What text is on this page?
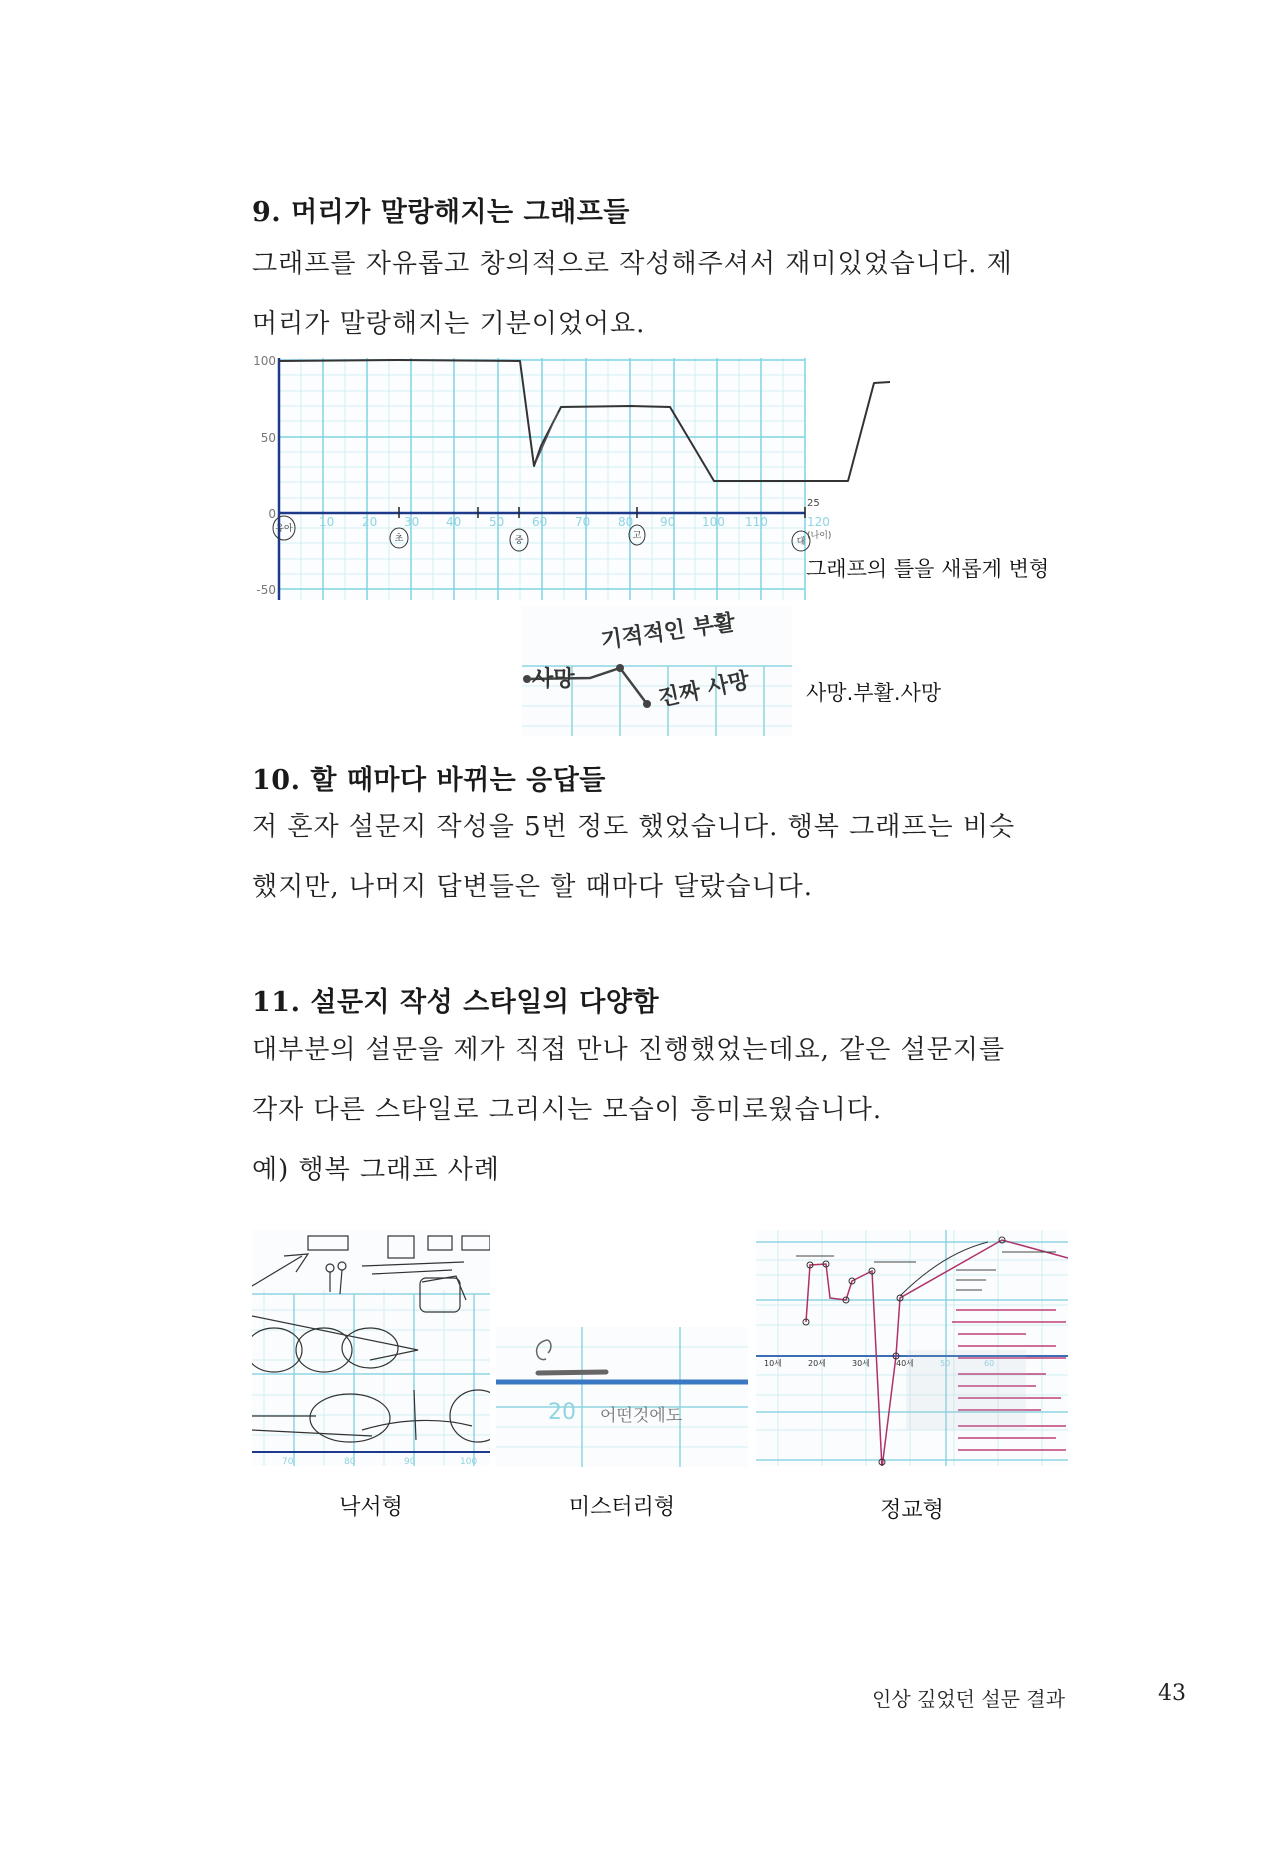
9. 머리가 말랑해지는 그래프들
그래프를 자유롭고 창의적으로 작성해주셔서 재미있었습니다. 제
머리가 말랑해지는 기분이었어요.
100
50
0
-50
10 20 30 40 50 60 70 80 90 100 110	120
(나이)
25
유아
초	중	고
대
그래프의 틀을 새롭게 변형
사망
기적적인 부활
진짜 사망	사망.부활.사망
10. 할 때마다 바뀌는 응답들
저 혼자 설문지 작성을 5번 정도 했었습니다. 행복 그래프는 비슷
했지만, 나머지 답변들은 할 때마다 달랐습니다.
11. 설문지 작성 스타일의 다양함
대부분의 설문을 제가 직접 만나 진행했었는데요, 같은 설문지를
각자 다른 스타일로 그리시는 모습이 흥미로웠습니다.
예) 행복 그래프 사례
70	80	90	100
20 어떤것에도
10세	20세	30세	40세	50	60
낙서형	미스터리형	정교형
인상 깊었던 설문 결과	43
